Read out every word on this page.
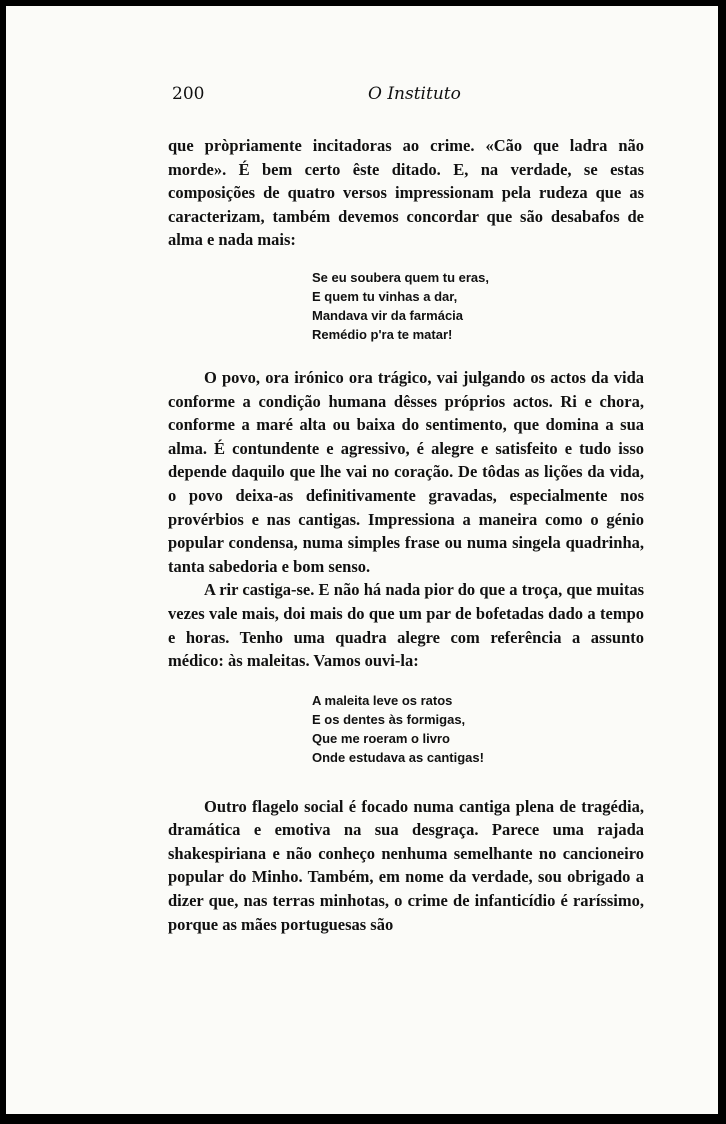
200	O Instituto

que pròpriamente incitadoras ao crime. «Cão que ladra não morde». É bem certo êste ditado. E, na verdade, se estas composições de quatro versos impressionam pela rudeza que as caracterizam, também devemos concordar que são desabafos de alma e nada mais:

Se eu soubera quem tu eras,
E quem tu vinhas a dar,
Mandava vir da farmácia
Remédio p'ra te matar!

O povo, ora irónico ora trágico, vai julgando os actos da vida conforme a condição humana dêsses próprios actos. Ri e chora, conforme a maré alta ou baixa do sentimento, que domina a sua alma. É contundente e agressivo, é alegre e satisfeito e tudo isso depende daquilo que lhe vai no coração. De tôdas as lições da vida, o povo deixa-as definitivamente gravadas, especialmente nos provérbios e nas cantigas. Impressiona a maneira como o génio popular condensa, numa simples frase ou numa singela quadrinha, tanta sabedoria e bom senso.

A rir castiga-se. E não há nada pior do que a troça, que muitas vezes vale mais, doi mais do que um par de bofetadas dado a tempo e horas. Tenho uma quadra alegre com referência a assunto médico: às maleitas. Vamos ouvi-la:

A maleita leve os ratos
E os dentes às formigas,
Que me roeram o livro
Onde estudava as cantigas!

Outro flagelo social é focado numa cantiga plena de tragédia, dramática e emotiva na sua desgraça. Parece uma rajada shakespiriana e não conheço nenhuma semelhante no cancioneiro popular do Minho. Também, em nome da verdade, sou obrigado a dizer que, nas terras minhotas, o crime de infanticídio é raríssimo, porque as mães portuguesas são
